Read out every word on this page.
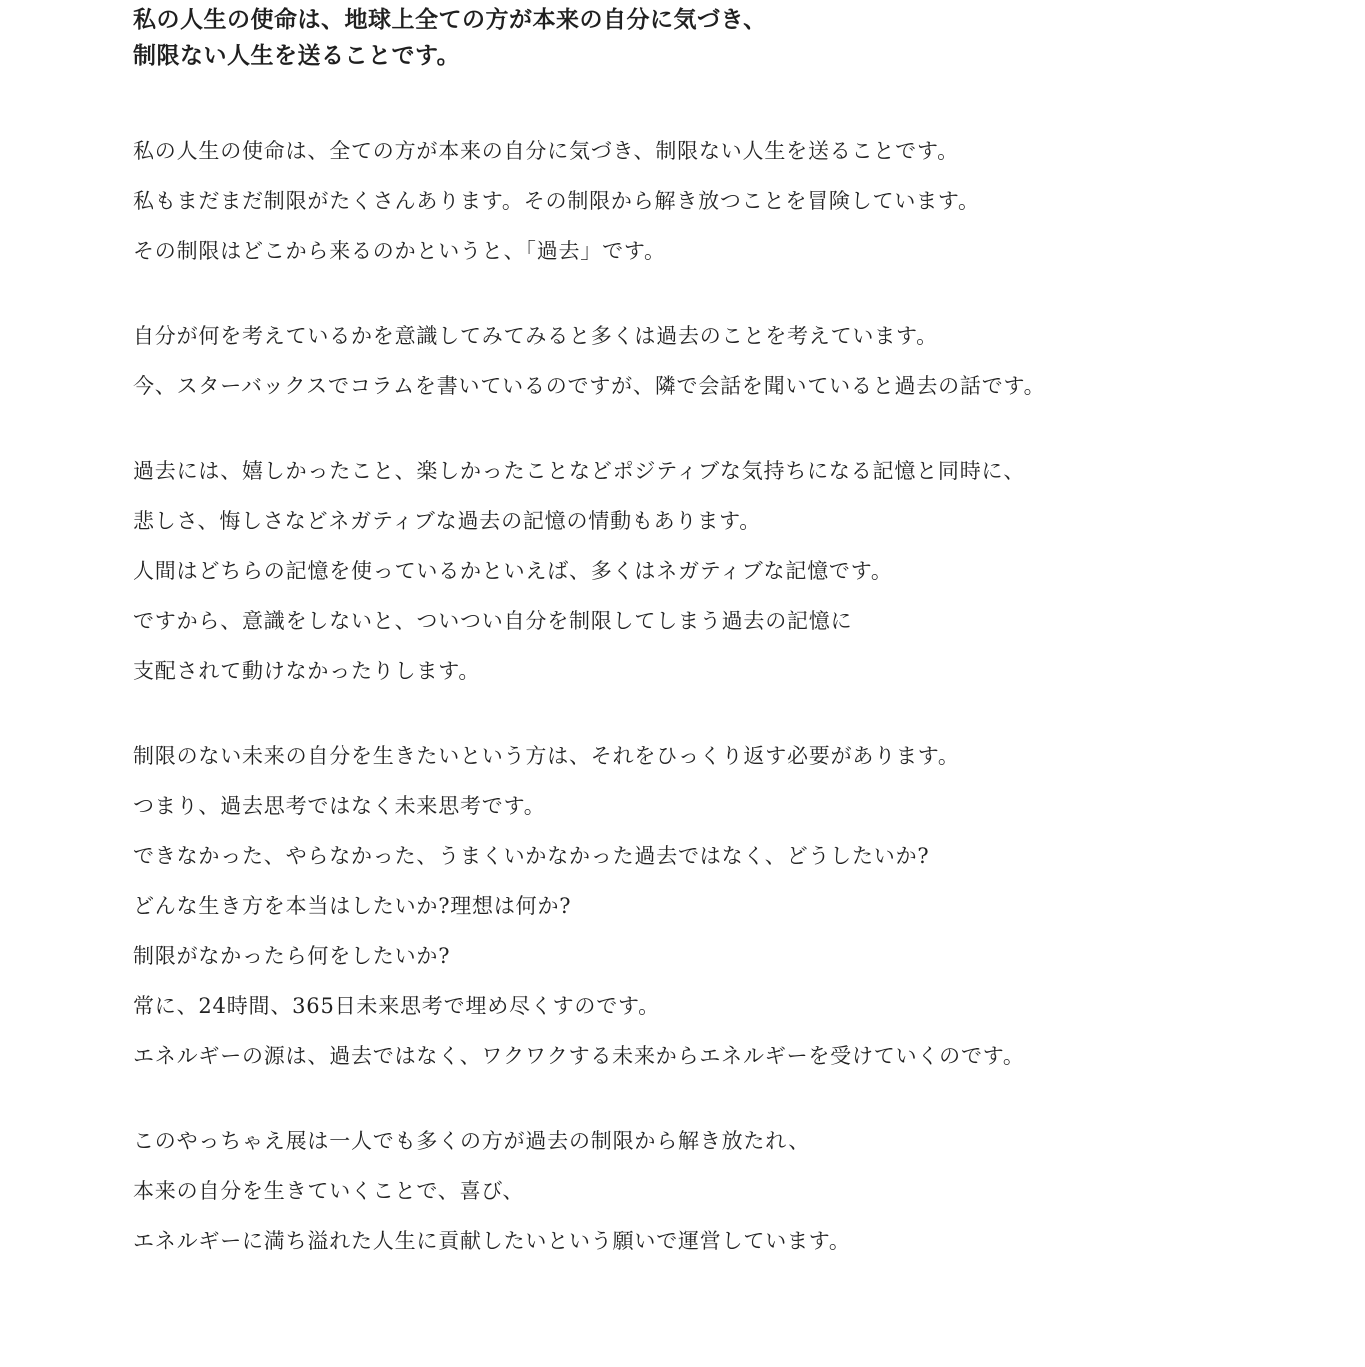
私の人生の使命は、地球上全ての方が本来の自分に気づき、
制限ない人生を送ることです。

私の人生の使命は、全ての方が本来の自分に気づき、制限ない人生を送ることです。
私もまだまだ制限がたくさんあります。その制限から解き放つことを冒険しています。
その制限はどこから来るのかというと、「過去」です。

自分が何を考えているかを意識してみてみると多くは過去のことを考えています。
今、スターバックスでコラムを書いているのですが、隣で会話を聞いていると過去の話です。

過去には、嬉しかったこと、楽しかったことなどポジティブな気持ちになる記憶と同時に、
悲しさ、悔しさなどネガティブな過去の記憶の情動もあります。
人間はどちらの記憶を使っているかといえば、多くはネガティブな記憶です。
ですから、意識をしないと、ついつい自分を制限してしまう過去の記憶に
支配されて動けなかったりします。

制限のない未来の自分を生きたいという方は、それをひっくり返す必要があります。
つまり、過去思考ではなく未来思考です。
できなかった、やらなかった、うまくいかなかった過去ではなく、どうしたいか?
どんな生き方を本当はしたいか?理想は何か?
制限がなかったら何をしたいか?
常に、24時間、365日未来思考で埋め尽くすのです。
エネルギーの源は、過去ではなく、ワクワクする未来からエネルギーを受けていくのです。

このやっちゃえ展は一人でも多くの方が過去の制限から解き放たれ、
本来の自分を生きていくことで、喜び、
エネルギーに満ち溢れた人生に貢献したいという願いで運営しています。
